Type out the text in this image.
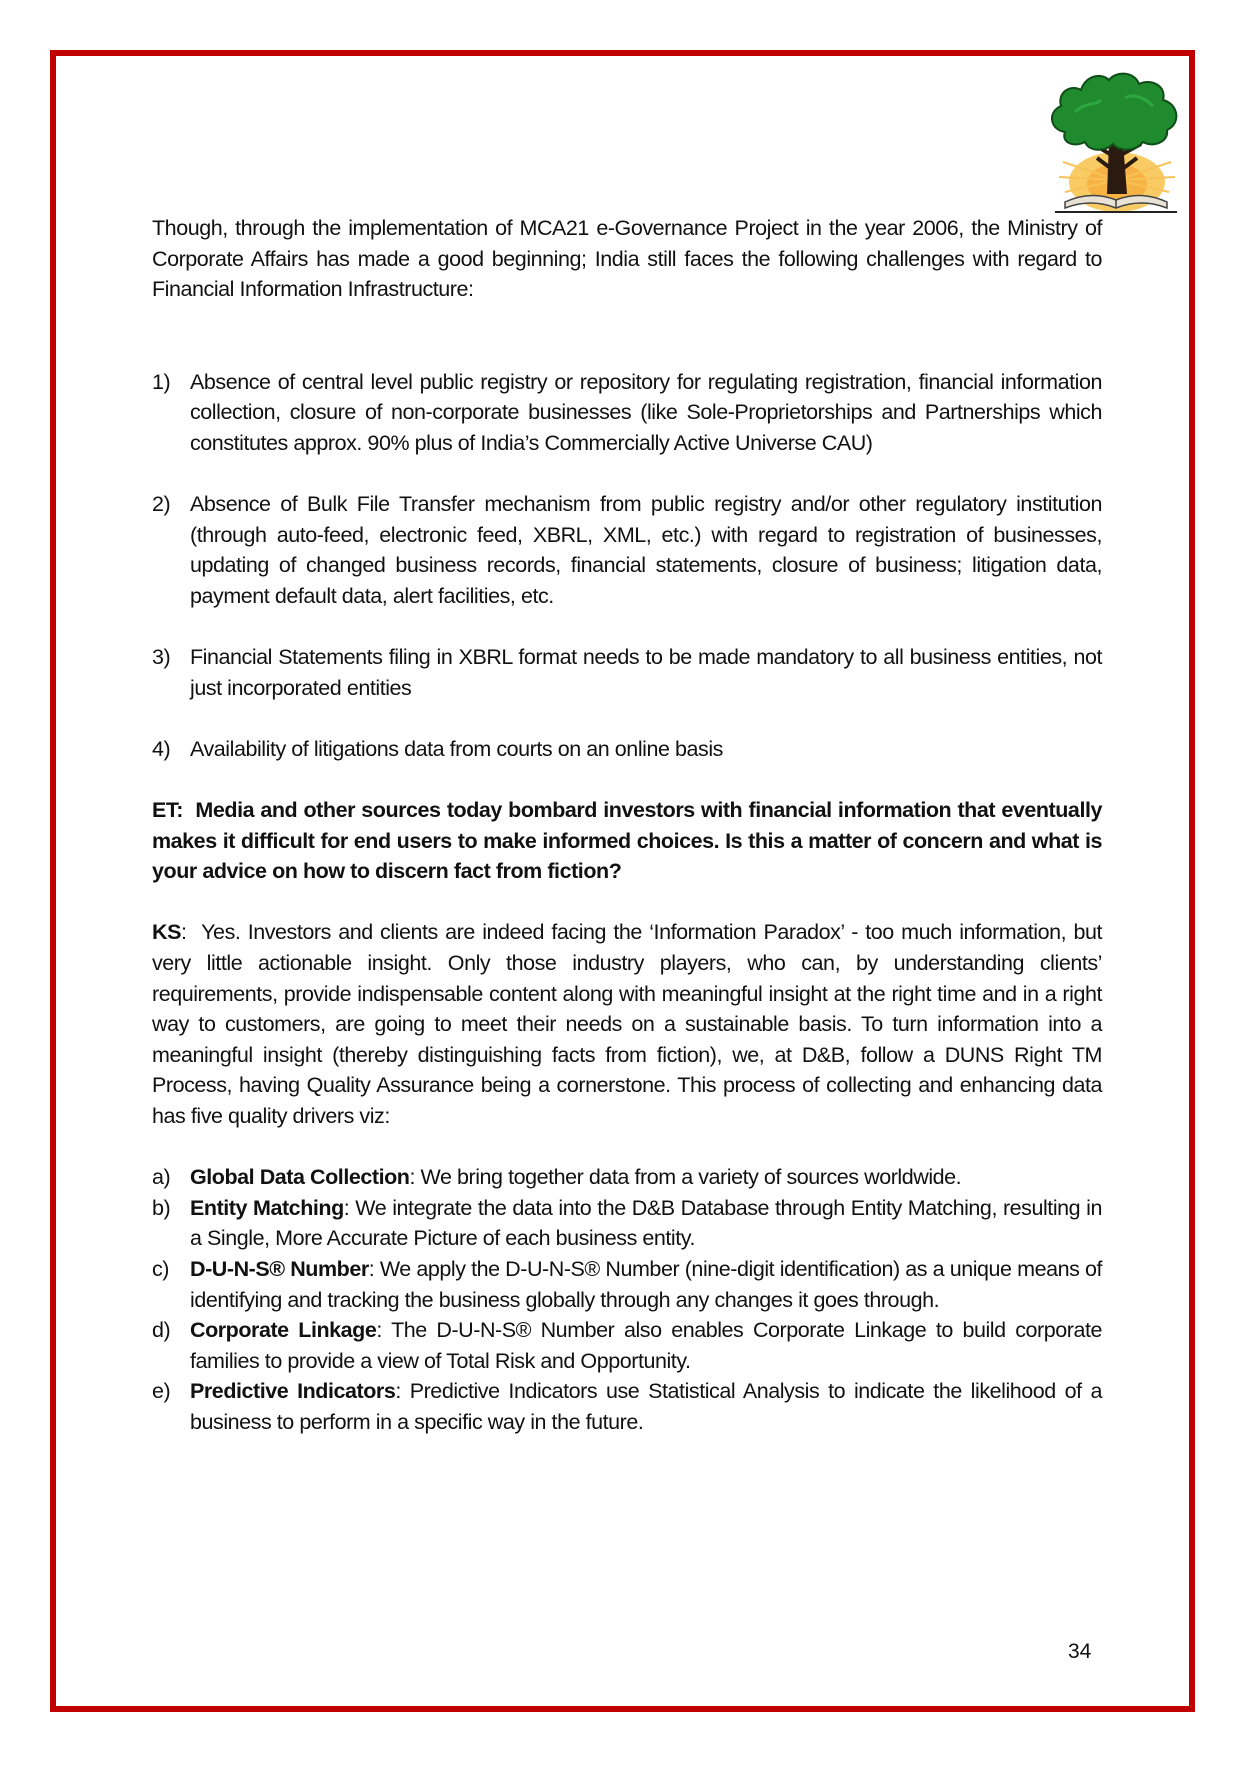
Though, through the implementation of MCA21 e-Governance Project in the year 2006, the Ministry of Corporate Affairs has made a good beginning; India still faces the following challenges with regard to Financial Information Infrastructure:

1) Absence of central level public registry or repository for regulating registration, financial information collection, closure of non-corporate businesses (like Sole-Proprietorships and Partnerships which constitutes approx. 90% plus of India’s Commercially Active Universe CAU)
2) Absence of Bulk File Transfer mechanism from public registry and/or other regulatory institution (through auto-feed, electronic feed, XBRL, XML, etc.) with regard to registration of businesses, updating of changed business records, financial statements, closure of business; litigation data, payment default data, alert facilities, etc.
3) Financial Statements filing in XBRL format needs to be made mandatory to all business entities, not just incorporated entities
4) Availability of litigations data from courts on an online basis

ET: Media and other sources today bombard investors with financial information that eventually makes it difficult for end users to make informed choices. Is this a matter of concern and what is your advice on how to discern fact from fiction?

KS: Yes. Investors and clients are indeed facing the ‘Information Paradox’ - too much information, but very little actionable insight. Only those industry players, who can, by understanding clients’ requirements, provide indispensable content along with meaningful insight at the right time and in a right way to customers, are going to meet their needs on a sustainable basis. To turn information into a meaningful insight (thereby distinguishing facts from fiction), we, at D&B, follow a DUNS Right TM Process, having Quality Assurance being a cornerstone. This process of collecting and enhancing data has five quality drivers viz:

a) Global Data Collection: We bring together data from a variety of sources worldwide.
b) Entity Matching: We integrate the data into the D&B Database through Entity Matching, resulting in a Single, More Accurate Picture of each business entity.
c) D-U-N-S® Number: We apply the D-U-N-S® Number (nine-digit identification) as a unique means of identifying and tracking the business globally through any changes it goes through.
d) Corporate Linkage: The D-U-N-S® Number also enables Corporate Linkage to build corporate families to provide a view of Total Risk and Opportunity.
e) Predictive Indicators: Predictive Indicators use Statistical Analysis to indicate the likelihood of a business to perform in a specific way in the future.
34
